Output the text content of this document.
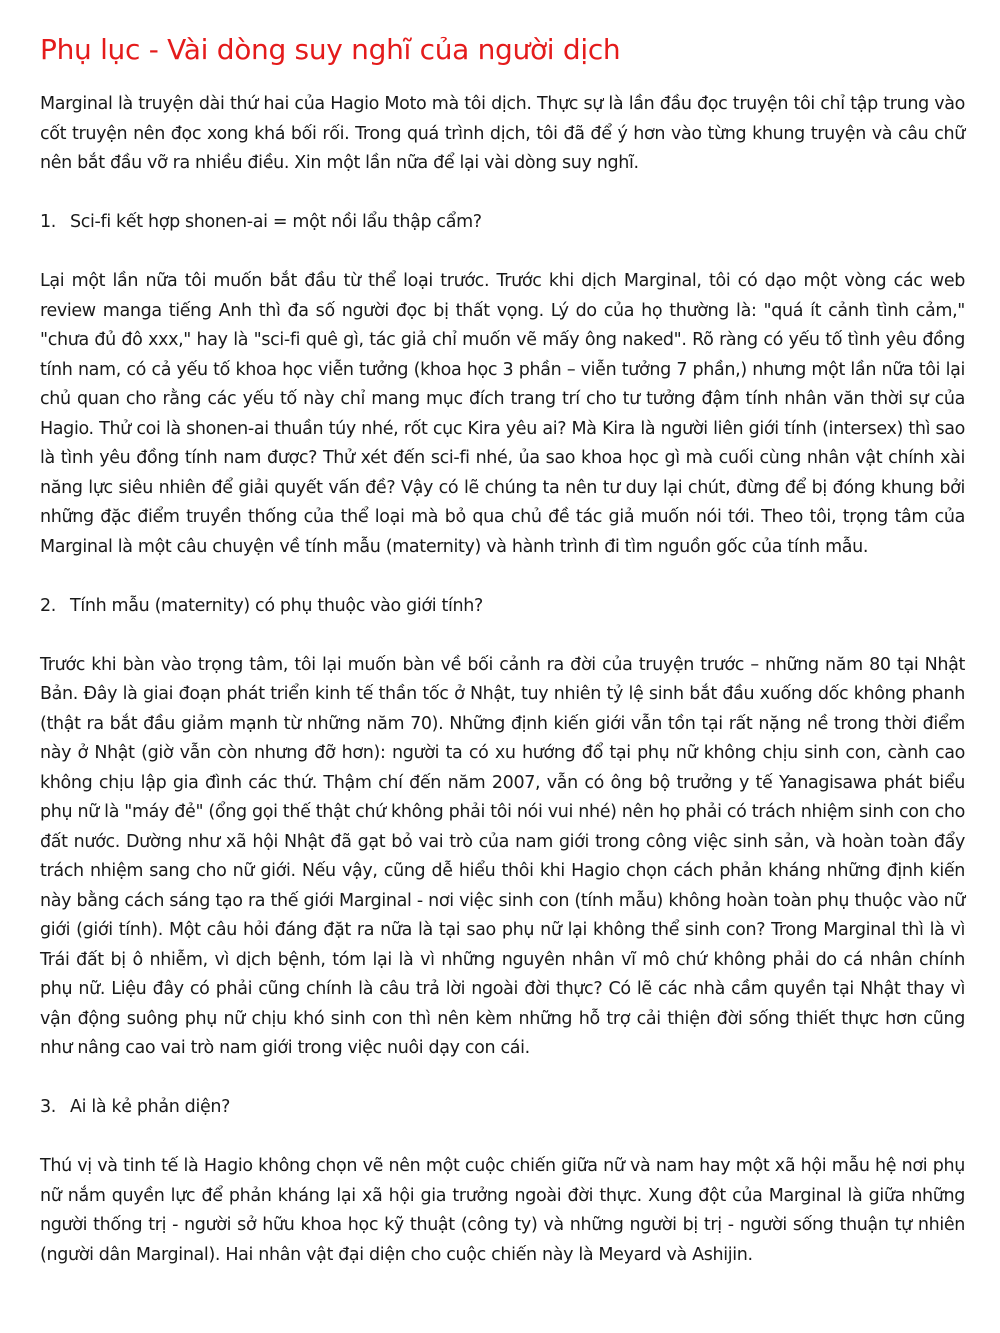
Phụ lục - Vài dòng suy nghĩ của người dịch

Marginal là truyện dài thứ hai của Hagio Moto mà tôi dịch. Thực sự là lần đầu đọc truyện tôi chỉ tập trung vào cốt truyện nên đọc xong khá bối rối. Trong quá trình dịch, tôi đã để ý hơn vào từng khung truyện và câu chữ nên bắt đầu vỡ ra nhiều điều. Xin một lần nữa để lại vài dòng suy nghĩ.

1. Sci-fi kết hợp shonen-ai = một nồi lẩu thập cẩm?

Lại một lần nữa tôi muốn bắt đầu từ thể loại trước. Trước khi dịch Marginal, tôi có dạo một vòng các web review manga tiếng Anh thì đa số người đọc bị thất vọng. Lý do của họ thường là: "quá ít cảnh tình cảm," "chưa đủ đô xxx," hay là "sci-fi quê gì, tác giả chỉ muốn vẽ mấy ông naked". Rõ ràng có yếu tố tình yêu đồng tính nam, có cả yếu tố khoa học viễn tưởng (khoa học 3 phần – viễn tưởng 7 phần,) nhưng một lần nữa tôi lại chủ quan cho rằng các yếu tố này chỉ mang mục đích trang trí cho tư tưởng đậm tính nhân văn thời sự của Hagio. Thử coi là shonen-ai thuần túy nhé, rốt cục Kira yêu ai? Mà Kira là người liên giới tính (intersex) thì sao là tình yêu đồng tính nam được? Thử xét đến sci-fi nhé, ủa sao khoa học gì mà cuối cùng nhân vật chính xài năng lực siêu nhiên để giải quyết vấn đề? Vậy có lẽ chúng ta nên tư duy lại chút, đừng để bị đóng khung bởi những đặc điểm truyền thống của thể loại mà bỏ qua chủ đề tác giả muốn nói tới. Theo tôi, trọng tâm của Marginal là một câu chuyện về tính mẫu (maternity) và hành trình đi tìm nguồn gốc của tính mẫu.

2. Tính mẫu (maternity) có phụ thuộc vào giới tính?

Trước khi bàn vào trọng tâm, tôi lại muốn bàn về bối cảnh ra đời của truyện trước – những năm 80 tại Nhật Bản. Đây là giai đoạn phát triển kinh tế thần tốc ở Nhật, tuy nhiên tỷ lệ sinh bắt đầu xuống dốc không phanh (thật ra bắt đầu giảm mạnh từ những năm 70). Những định kiến giới vẫn tồn tại rất nặng nề trong thời điểm này ở Nhật (giờ vẫn còn nhưng đỡ hơn): người ta có xu hướng đổ tại phụ nữ không chịu sinh con, cành cao không chịu lập gia đình các thứ. Thậm chí đến năm 2007, vẫn có ông bộ trưởng y tế Yanagisawa phát biểu phụ nữ là "máy đẻ" (ổng gọi thế thật chứ không phải tôi nói vui nhé) nên họ phải có trách nhiệm sinh con cho đất nước. Dường như xã hội Nhật đã gạt bỏ vai trò của nam giới trong công việc sinh sản, và hoàn toàn đẩy trách nhiệm sang cho nữ giới. Nếu vậy, cũng dễ hiểu thôi khi Hagio chọn cách phản kháng những định kiến này bằng cách sáng tạo ra thế giới Marginal - nơi việc sinh con (tính mẫu) không hoàn toàn phụ thuộc vào nữ giới (giới tính). Một câu hỏi đáng đặt ra nữa là tại sao phụ nữ lại không thể sinh con? Trong Marginal thì là vì Trái đất bị ô nhiễm, vì dịch bệnh, tóm lại là vì những nguyên nhân vĩ mô chứ không phải do cá nhân chính phụ nữ. Liệu đây có phải cũng chính là câu trả lời ngoài đời thực? Có lẽ các nhà cầm quyền tại Nhật thay vì vận động suông phụ nữ chịu khó sinh con thì nên kèm những hỗ trợ cải thiện đời sống thiết thực hơn cũng như nâng cao vai trò nam giới trong việc nuôi dạy con cái.

3. Ai là kẻ phản diện?

Thú vị và tinh tế là Hagio không chọn vẽ nên một cuộc chiến giữa nữ và nam hay một xã hội mẫu hệ nơi phụ nữ nắm quyền lực để phản kháng lại xã hội gia trưởng ngoài đời thực. Xung đột của Marginal là giữa những người thống trị - người sở hữu khoa học kỹ thuật (công ty) và những người bị trị - người sống thuận tự nhiên (người dân Marginal). Hai nhân vật đại diện cho cuộc chiến này là Meyard và Ashijin.
